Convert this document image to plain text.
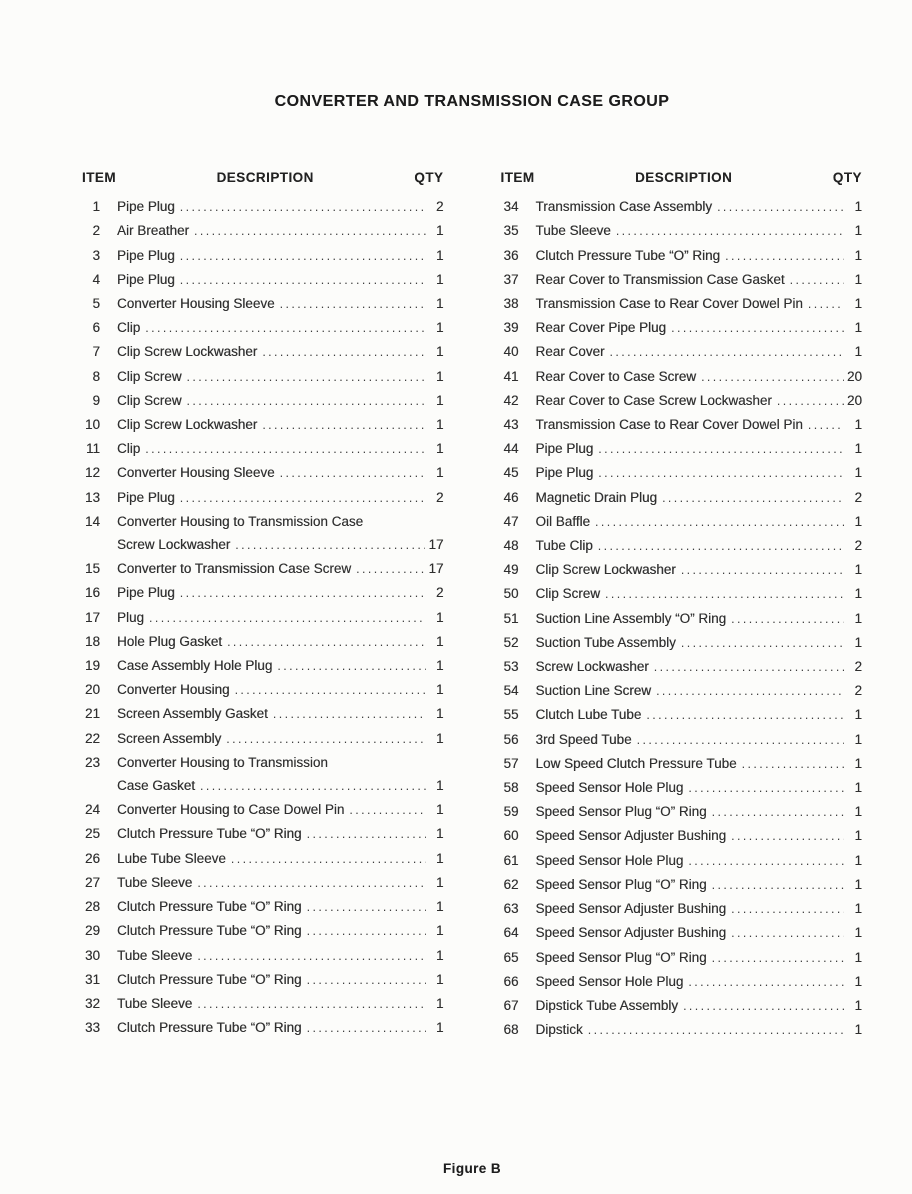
CONVERTER AND TRANSMISSION CASE GROUP
ITEM	DESCRIPTION	QTY
1 Pipe Plug .....	2
2 Air Breather .....	1
3 Pipe Plug .....	1
4 Pipe Plug .....	1
5 Converter Housing Sleeve .....	1
6 Clip .....	1
7 Clip Screw Lockwasher .....	1
8 Clip Screw .....	1
9 Clip Screw .....	1
10 Clip Screw Lockwasher .....	1
11 Clip .....	1
12 Converter Housing Sleeve .....	1
13 Pipe Plug .....	2
14 Converter Housing to Transmission Case
Screw Lockwasher .....	17
15 Converter to Transmission Case Screw .....	17
16 Pipe Plug .....	2
17 Plug .....	1
18 Hole Plug Gasket .....	1
19 Case Assembly Hole Plug .....	1
20 Converter Housing .....	1
21 Screen Assembly Gasket .....	1
22 Screen Assembly .....	1
23 Converter Housing to Transmission
Case Gasket .....	1
24 Converter Housing to Case Dowel Pin .....	1
25 Clutch Pressure Tube “O” Ring .....	1
26 Lube Tube Sleeve .....	1
27 Tube Sleeve .....	1
28 Clutch Pressure Tube “O” Ring .....	1
29 Clutch Pressure Tube “O” Ring .....	1
30 Tube Sleeve .....	1
31 Clutch Pressure Tube “O” Ring .....	1
32 Tube Sleeve .....	1
33 Clutch Pressure Tube “O” Ring .....	1
ITEM	DESCRIPTION	QTY
34 Transmission Case Assembly .....	1
35 Tube Sleeve .....	1
36 Clutch Pressure Tube “O” Ring .....	1
37 Rear Cover to Transmission Case Gasket .....	1
38 Transmission Case to Rear Cover Dowel Pin .....	1
39 Rear Cover Pipe Plug .....	1
40 Rear Cover .....	1
41 Rear Cover to Case Screw .....	20
42 Rear Cover to Case Screw Lockwasher .....	20
43 Transmission Case to Rear Cover Dowel Pin .....	1
44 Pipe Plug .....	1
45 Pipe Plug .....	1
46 Magnetic Drain Plug .....	2
47 Oil Baffle .....	1
48 Tube Clip .....	2
49 Clip Screw Lockwasher .....	1
50 Clip Screw .....	1
51 Suction Line Assembly “O” Ring .....	1
52 Suction Tube Assembly .....	1
53 Screw Lockwasher .....	2
54 Suction Line Screw .....	2
55 Clutch Lube Tube .....	1
56 3rd Speed Tube .....	1
57 Low Speed Clutch Pressure Tube .....	1
58 Speed Sensor Hole Plug .....	1
59 Speed Sensor Plug “O” Ring .....	1
60 Speed Sensor Adjuster Bushing .....	1
61 Speed Sensor Hole Plug .....	1
62 Speed Sensor Plug “O” Ring .....	1
63 Speed Sensor Adjuster Bushing .....	1
64 Speed Sensor Adjuster Bushing .....	1
65 Speed Sensor Plug “O” Ring .....	1
66 Speed Sensor Hole Plug .....	1
67 Dipstick Tube Assembly .....	1
68 Dipstick .....	1
Figure B
